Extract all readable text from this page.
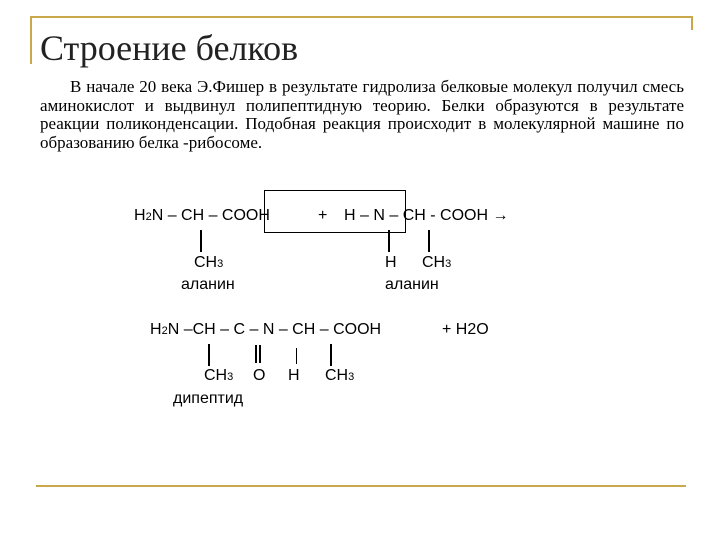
Строение белков

В начале 20 века Э.Фишер в результате гидролиза белковые молекул получил смесь аминокислот и выдвинул полипептидную теорию. Белки образуются в результате реакции поликонденсации. Подобная реакция происходит в молекулярной машине по образованию белка -рибосоме.

H2N – CH – COOH	+ H – N – CH - COOH →
CH3	H CH3
аланин	аланин
H2N –CH – C – N – CH – COOH	+ H2O
CH3 O H CH3
дипептид
